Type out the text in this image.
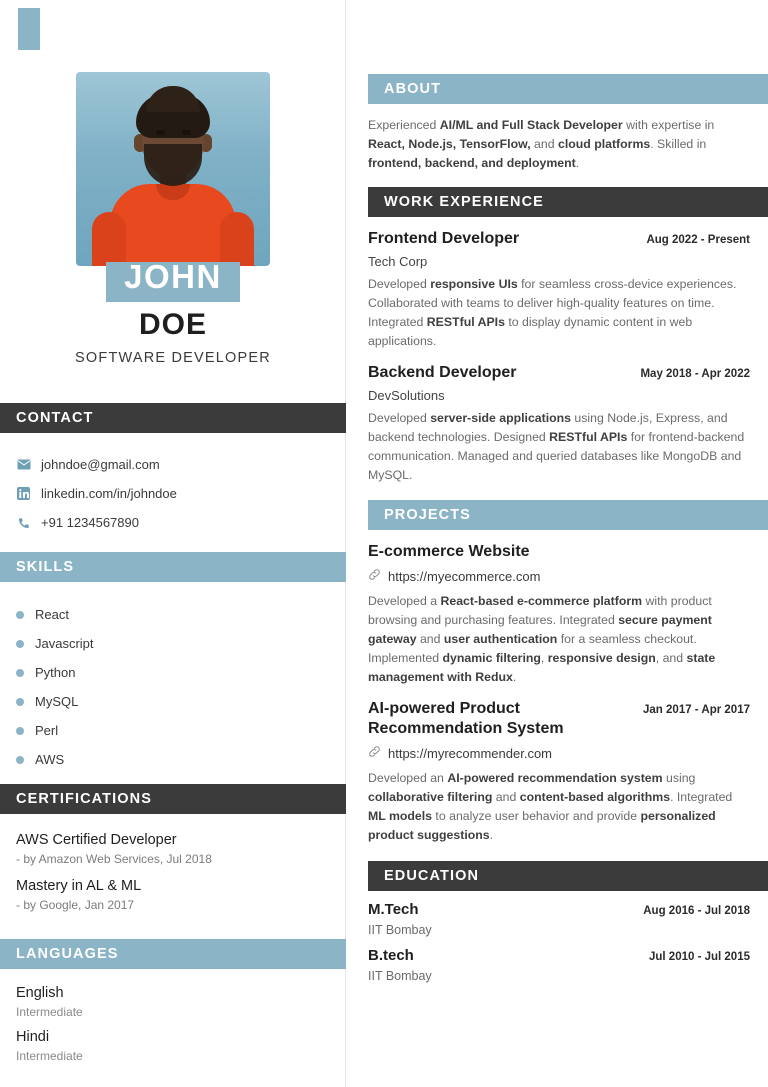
JOHN
DOE
SOFTWARE DEVELOPER
CONTACT
johndoe@gmail.com
linkedin.com/in/johndoe
+91 1234567890
SKILLS
React
Javascript
Python
MySQL
Perl
AWS
CERTIFICATIONS
AWS Certified Developer
- by Amazon Web Services, Jul 2018
Mastery in AL & ML
- by Google, Jan 2017
LANGUAGES
English
Intermediate
Hindi
Intermediate
ABOUT
Experienced AI/ML and Full Stack Developer with expertise in React, Node.js, TensorFlow, and cloud platforms. Skilled in frontend, backend, and deployment.
WORK EXPERIENCE
Frontend Developer	Aug 2022 - Present
Tech Corp
Developed responsive UIs for seamless cross-device experiences. Collaborated with teams to deliver high-quality features on time. Integrated RESTful APIs to display dynamic content in web applications.
Backend Developer	May 2018 - Apr 2022
DevSolutions
Developed server-side applications using Node.js, Express, and backend technologies. Designed RESTful APIs for frontend-backend communication. Managed and queried databases like MongoDB and MySQL.
PROJECTS
E-commerce Website
https://myecommerce.com
Developed a React-based e-commerce platform with product browsing and purchasing features. Integrated secure payment gateway and user authentication for a seamless checkout. Implemented dynamic filtering, responsive design, and state management with Redux.
AI-powered Product Recommendation System
Jan 2017 - Apr 2017
https://myrecommender.com
Developed an AI-powered recommendation system using collaborative filtering and content-based algorithms. Integrated ML models to analyze user behavior and provide personalized product suggestions.
EDUCATION
M.Tech	Aug 2016 - Jul 2018
IIT Bombay
B.tech	Jul 2010 - Jul 2015
IIT Bombay
